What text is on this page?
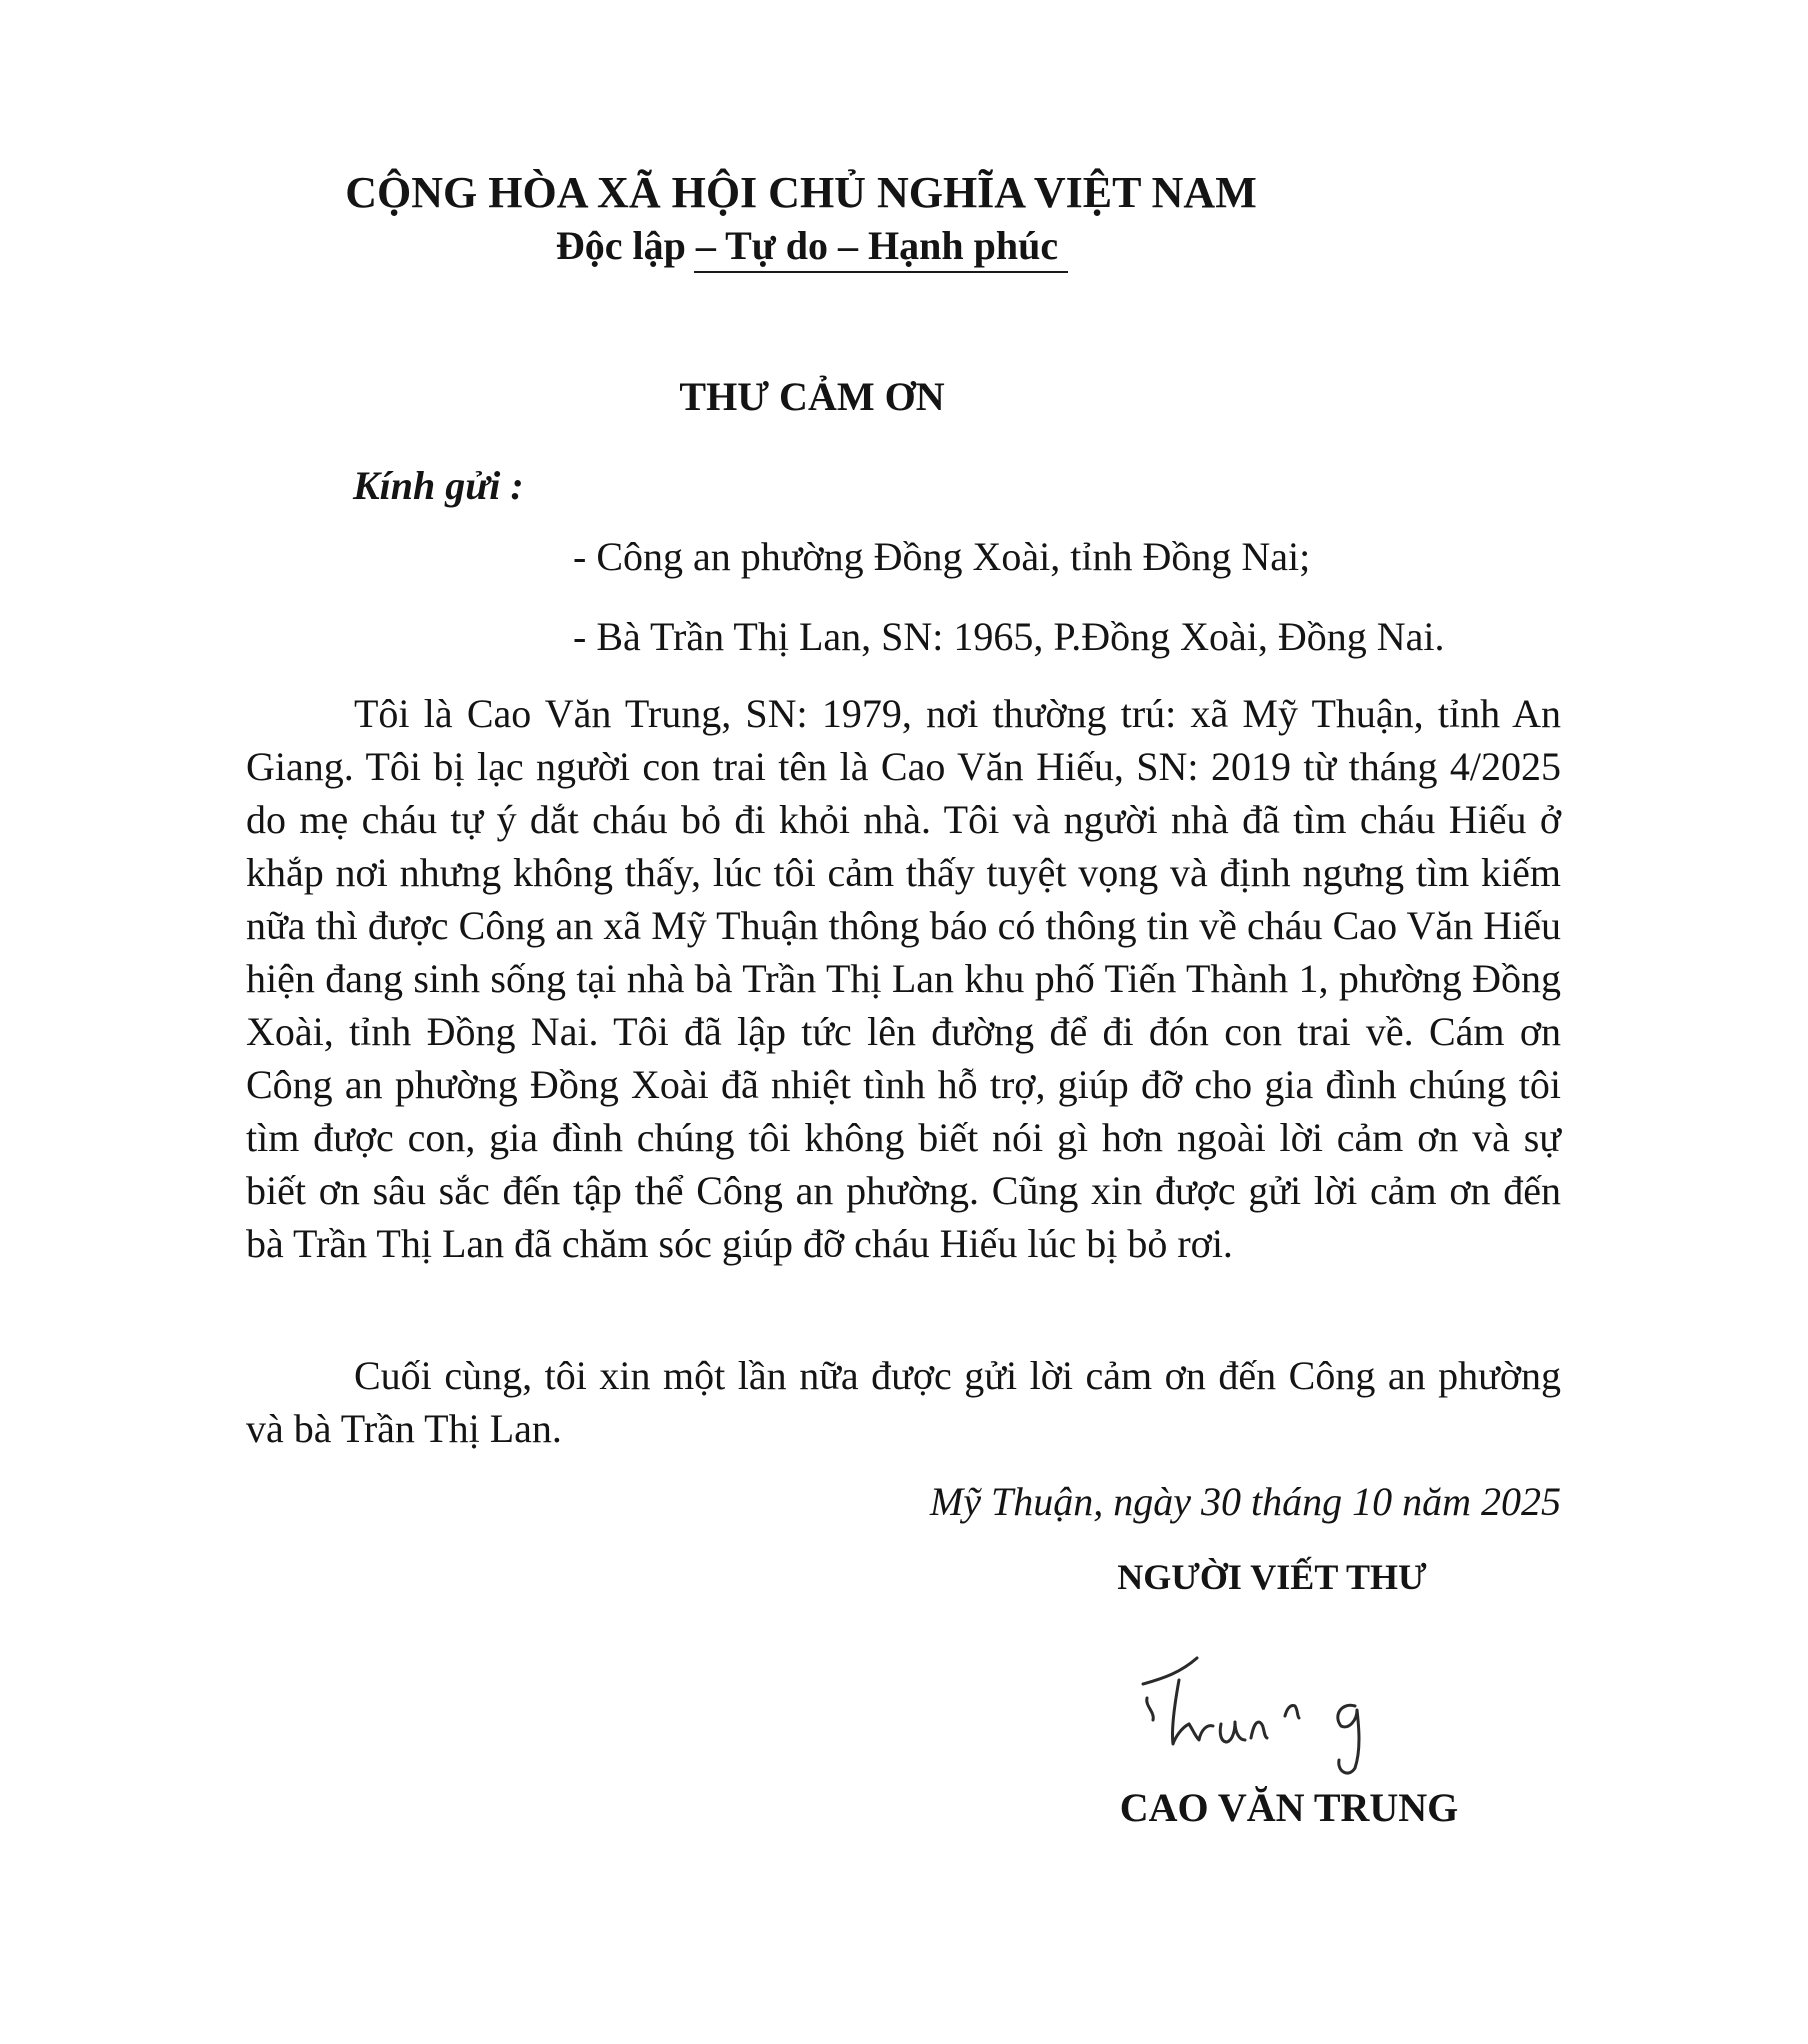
CỘNG HÒA XÃ HỘI CHỦ NGHĨA VIỆT NAM
Độc lập – Tự do – Hạnh phúc
THƯ CẢM ƠN
Kính gửi :
- Công an phường Đồng Xoài, tỉnh Đồng Nai;
- Bà Trần Thị Lan, SN: 1965, P.Đồng Xoài, Đồng Nai.

Tôi là Cao Văn Trung, SN: 1979, nơi thường trú: xã Mỹ Thuận, tỉnh An Giang. Tôi bị lạc người con trai tên là Cao Văn Hiếu, SN: 2019 từ tháng 4/2025 do mẹ cháu tự ý dắt cháu bỏ đi khỏi nhà. Tôi và người nhà đã tìm cháu Hiếu ở khắp nơi nhưng không thấy, lúc tôi cảm thấy tuyệt vọng và định ngưng tìm kiếm nữa thì được Công an xã Mỹ Thuận thông báo có thông tin về cháu Cao Văn Hiếu hiện đang sinh sống tại nhà bà Trần Thị Lan khu phố Tiến Thành 1, phường Đồng Xoài, tỉnh Đồng Nai. Tôi đã lập tức lên đường để đi đón con trai về. Cám ơn Công an phường Đồng Xoài đã nhiệt tình hỗ trợ, giúp đỡ cho gia đình chúng tôi tìm được con, gia đình chúng tôi không biết nói gì hơn ngoài lời cảm ơn và sự biết ơn sâu sắc đến tập thể Công an phường. Cũng xin được gửi lời cảm ơn đến bà Trần Thị Lan đã chăm sóc giúp đỡ cháu Hiếu lúc bị bỏ rơi.

Cuối cùng, tôi xin một lần nữa được gửi lời cảm ơn đến Công an phường và bà Trần Thị Lan.

Mỹ Thuận, ngày 30 tháng 10 năm 2025
NGƯỜI VIẾT THƯ
CAO VĂN TRUNG
